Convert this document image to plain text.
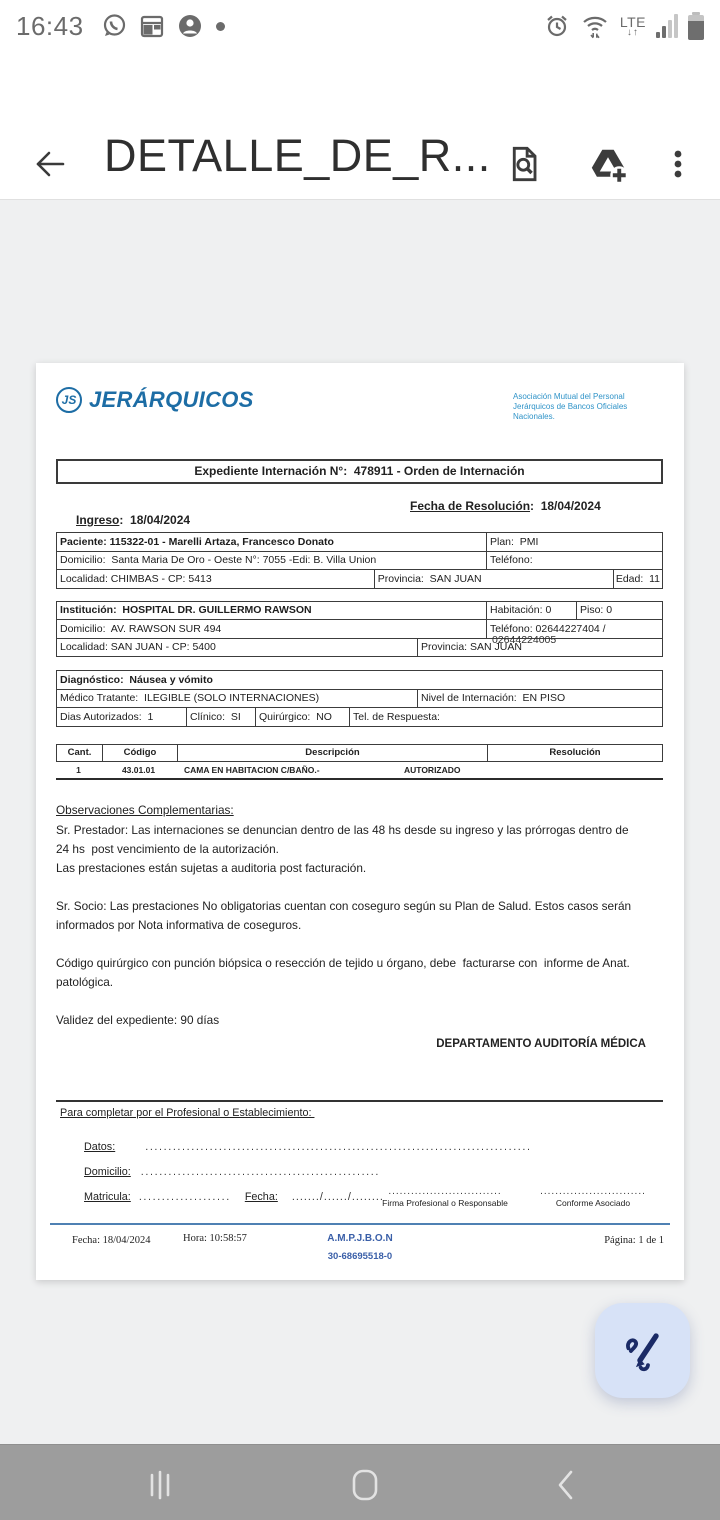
16:43	LTE
↓↑
DETALLE_DE_R...
JS JERÁRQUICOS	Asociación Mutual del Personal
Jerárquicos de Bancos Oficiales Nacionales.
Expediente Internación N°:  478911 - Orden de Internación

Ingreso:  18/04/2024

Fecha de Resolución:  18/04/2024

Paciente: 115322-01 - Marelli Artaza, Francesco Donato	Plan:  PMI
Domicilio:  Santa Maria De Oro - Oeste N°: 7055 -Edi: B. Villa Union	Teléfono:
Localidad: CHIMBAS - CP: 5413	Provincia:  SAN JUAN	Edad:  11
Institución:  HOSPITAL DR. GUILLERMO RAWSON	Habitación: 0	Piso: 0
Domicilio:  AV. RAWSON SUR 494	Teléfono: 02644227404 /
02644224005
Localidad: SAN JUAN - CP: 5400	Provincia: SAN JUAN
Diagnóstico:  Náusea y vómito
Médico Tratante:  ILEGIBLE (SOLO INTERNACIONES)	Nivel de Internación:  EN PISO
Dias Autorizados:  1	Clínico:  SI	Quirúrgico:  NO	Tel. de Respuesta:
Cant.	Código	Descripción	Resolución
1	43.01.01	CAMA EN HABITACION C/BAÑO.-	AUTORIZADO
Observaciones Complementarias:

Sr. Prestador: Las internaciones se denuncian dentro de las 48 hs desde su ingreso y las prórrogas dentro de 24 hs  post vencimiento de la autorización.

Las prestaciones están sujetas a auditoria post facturación.

Sr. Socio: Las prestaciones No obligatorias cuentan con coseguro según su Plan de Salud. Estos casos serán informados por Nota informativa de coseguros.

Código quirúrgico con punción biópsica o resección de tejido u órgano, debe  facturarse con  informe de Anat. patológica.

Validez del expediente: 90 días

DEPARTAMENTO AUDITORÍA MÉDICA
Para completar por el Profesional o Establecimiento:

Datos:	....................................................................................

Domicilio: ....................................................

Matricula: .................... Fecha: ......./....../........
..............................
Firma Profesional o Responsable
............................
Conforme Asociado
Fecha: 18/04/2024	Hora: 10:58:57	A.M.P.J.B.O.N
30-68695518-0
Página: 1 de 1
